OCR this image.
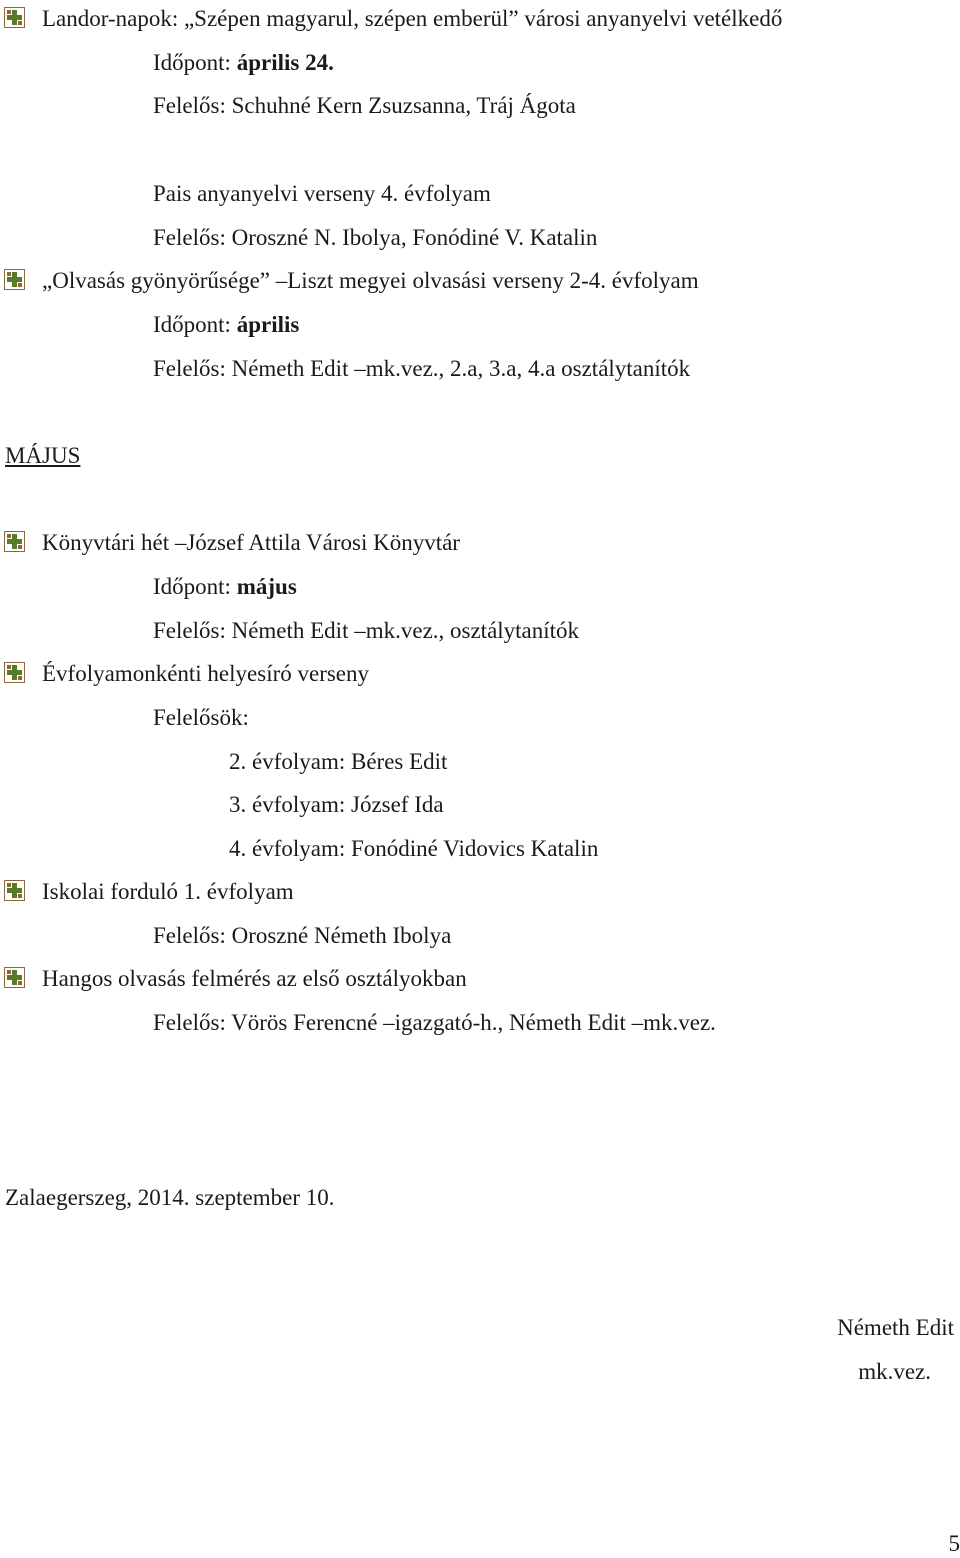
Landor-napok: „Szépen magyarul, szépen emberül” városi anyanyelvi vetélkedő
Időpont: április 24.
Felelős: Schuhné Kern Zsuzsanna, Tráj Ágota
Pais anyanyelvi verseny 4. évfolyam
Felelős: Oroszné N. Ibolya, Fonódiné V. Katalin
„Olvasás gyönyörűsége” –Liszt megyei olvasási verseny 2-4. évfolyam
Időpont: április
Felelős: Németh Edit –mk.vez., 2.a, 3.a, 4.a osztálytanítók
MÁJUS
Könyvtári hét –József Attila Városi Könyvtár
Időpont: május
Felelős: Németh Edit –mk.vez., osztálytanítók
Évfolyamonkénti helyesíró verseny
Felelősök:
2. évfolyam: Béres Edit
3. évfolyam: József Ida
4. évfolyam: Fonódiné Vidovics Katalin
Iskolai forduló 1. évfolyam
Felelős: Oroszné Németh Ibolya
Hangos olvasás felmérés az első osztályokban
Felelős: Vörös Ferencné –igazgató-h., Németh Edit –mk.vez.
Zalaegerszeg, 2014. szeptember 10.
Németh Edit
mk.vez.
5
